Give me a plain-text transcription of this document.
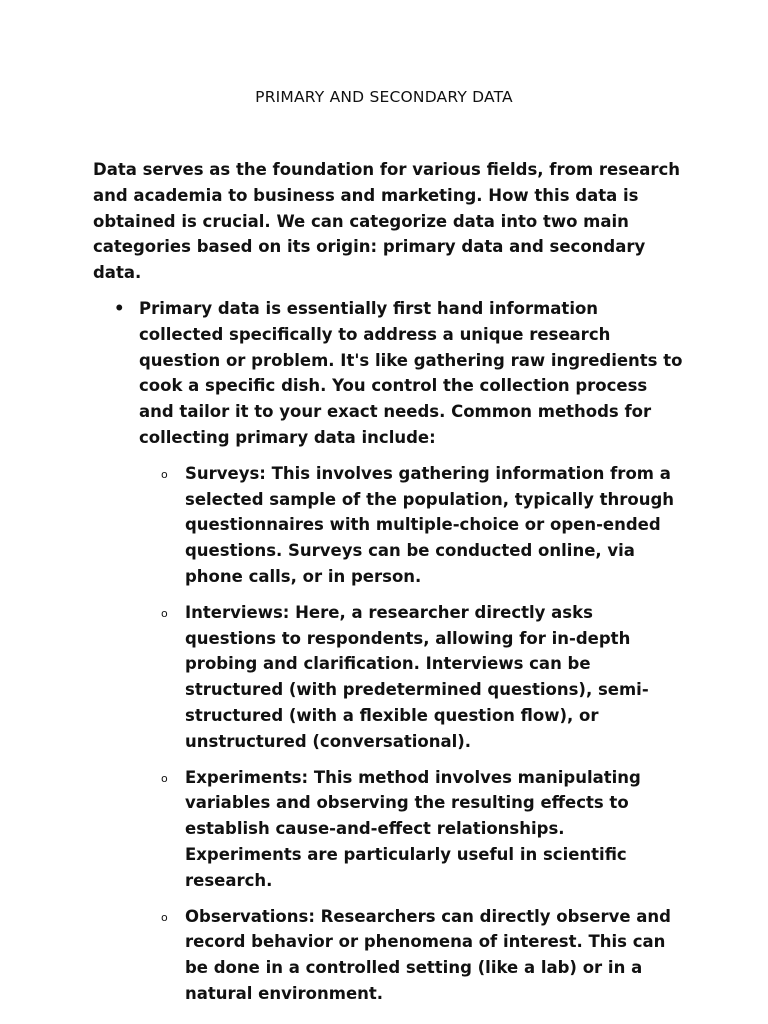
PRIMARY AND SECONDARY DATA

Data serves as the foundation for various fields, from research and academia to business and marketing. How this data is obtained is crucial. We can categorize data into two main categories based on its origin: primary data and secondary data.

• Primary data is essentially first hand information collected specifically to address a unique research question or problem. It's like gathering raw ingredients to cook a specific dish. You control the collection process and tailor it to your exact needs. Common methods for collecting primary data include:
o Surveys: This involves gathering information from a selected sample of the population, typically through questionnaires with multiple-choice or open-ended questions. Surveys can be conducted online, via phone calls, or in person.
o Interviews: Here, a researcher directly asks questions to respondents, allowing for in-depth probing and clarification. Interviews can be structured (with predetermined questions), semi-structured (with a flexible question flow), or unstructured (conversational).
o Experiments: This method involves manipulating variables and observing the resulting effects to establish cause-and-effect relationships. Experiments are particularly useful in scientific research.
o Observations: Researchers can directly observe and record behavior or phenomena of interest. This can be done in a controlled setting (like a lab) or in a natural environment.
